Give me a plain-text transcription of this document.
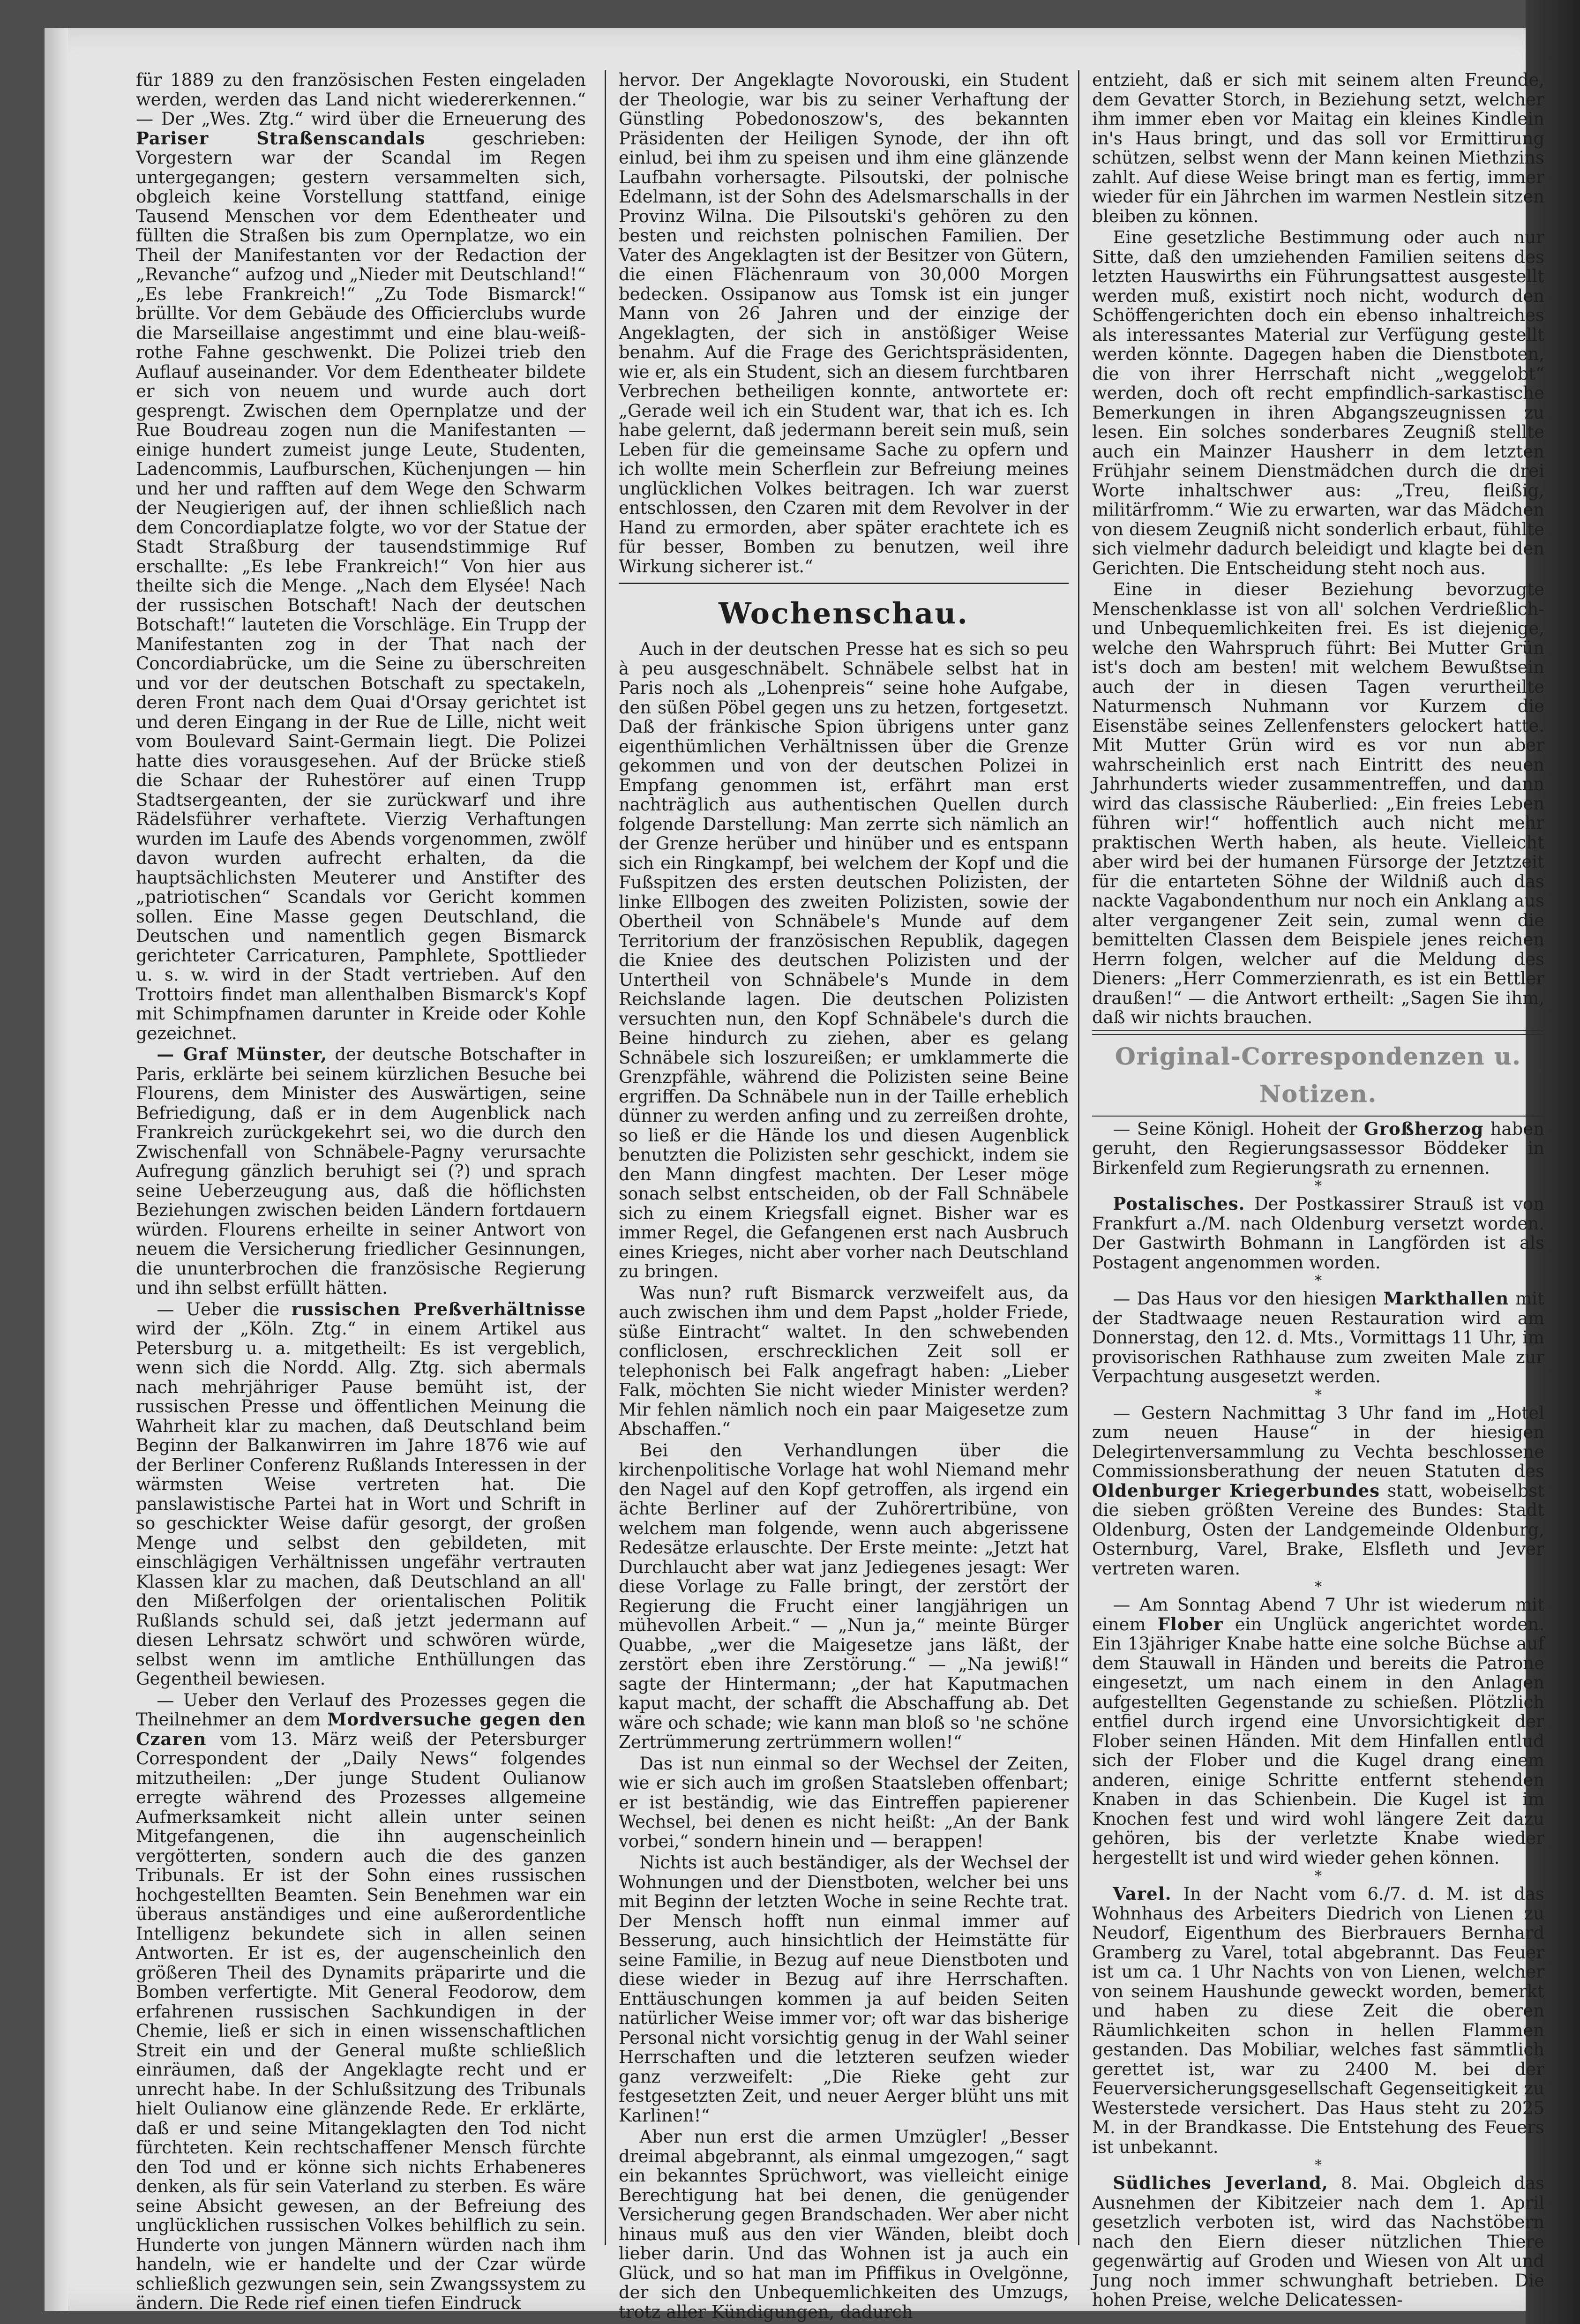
für 1889 zu den französischen Festen eingeladen werden, werden das Land nicht wiedererkennen.“ — Der „Wes. Ztg.“ wird über die Erneuerung des Pariser Straßenscandals	geschrieben: Vorgestern war der Scandal im Regen untergegangen; gestern versammelten sich, obgleich keine Vorstellung stattfand, einige Tausend Menschen vor dem Edentheater und füllten die Straßen bis zum Opernplatze, wo ein Theil der Manifestanten vor der Redaction der „Revanche“ aufzog und „Nieder mit Deutschland!“ „Es lebe Frankreich!“ „Zu Tode Bismarck!“ brüllte. Vor dem Gebäude des Officierclubs wurde die Marseillaise angestimmt und eine blau-weiß-rothe Fahne geschwenkt. Die Polizei trieb den Auflauf auseinander. Vor dem Edentheater bildete er sich von neuem und wurde auch dort gesprengt. Zwischen dem Opernplatze und der Rue Boudreau zogen nun die Manifestanten — einige hundert zumeist junge Leute, Studenten, Ladencommis, Laufburschen, Küchenjungen — hin und her und rafften auf dem Wege den Schwarm der Neugierigen auf, der ihnen schließlich nach dem Concordiaplatze folgte, wo vor der Statue der Stadt Straßburg der tausendstimmige Ruf erschallte: „Es lebe Frankreich!“ Von hier aus theilte sich die Menge. „Nach dem Elysée! Nach der russischen Botschaft! Nach der deutschen Botschaft!“ lauteten die Vorschläge. Ein Trupp der Manifestanten zog in der That nach der Concordiabrücke, um die Seine zu überschreiten und vor der deutschen Botschaft zu spectakeln, deren Front nach dem Quai d'Orsay gerichtet ist und deren Eingang in der Rue de Lille, nicht weit vom Boulevard Saint-Germain liegt. Die Polizei hatte dies vorausgesehen. Auf der Brücke stieß die Schaar der Ruhestörer auf einen Trupp Stadtsergeanten, der sie zurückwarf und ihre Rädelsführer verhaftete. Vierzig Verhaftungen wurden im Laufe des Abends vorgenommen, zwölf davon wurden aufrecht erhalten, da die hauptsächlichsten Meuterer und Anstifter des „patriotischen“ Scandals vor Gericht kommen sollen. Eine Masse gegen Deutschland, die Deutschen und namentlich gegen Bismarck gerichteter Carricaturen, Pamphlete, Spottlieder u. s. w. wird in der Stadt vertrieben. Auf den Trottoirs findet man allenthalben Bismarck's Kopf mit Schimpfnamen darunter in Kreide oder Kohle gezeichnet.

— Graf Münster, der deutsche Botschafter in Paris, erklärte bei seinem kürzlichen Besuche bei Flourens, dem Minister des Auswärtigen, seine Befriedigung, daß er in dem Augenblick nach Frankreich zurückgekehrt sei, wo die durch den Zwischenfall von Schnäbele-Pagny verursachte Aufregung gänzlich beruhigt sei (?) und sprach seine Ueberzeugung aus, daß die höflichsten Beziehungen zwischen beiden Ländern fortdauern würden. Flourens erheilte in seiner Antwort von neuem die Versicherung friedlicher Gesinnungen, die ununterbrochen die französische Regierung und ihn selbst erfüllt hätten.

— Ueber die russischen Preßverhältnisse wird der „Köln. Ztg.“ in einem Artikel aus Petersburg u. a. mitgetheilt: Es ist vergeblich, wenn sich die Nordd. Allg. Ztg. sich abermals nach mehrjähriger Pause bemüht ist, der russischen Presse und öffentlichen Meinung die Wahrheit klar zu machen, daß Deutschland beim Beginn der Balkanwirren im Jahre 1876 wie auf der Berliner Conferenz Rußlands Interessen in der wärmsten Weise vertreten hat. Die panslawistische Partei hat in Wort und Schrift in so geschickter Weise dafür gesorgt, der großen Menge und selbst den gebildeten, mit einschlägigen Verhältnissen ungefähr vertrauten Klassen klar zu machen, daß Deutschland an all' den Mißerfolgen der orientalischen Politik Rußlands schuld sei, daß jetzt jedermann auf diesen Lehrsatz schwört und schwören würde, selbst wenn im amtliche Enthüllungen das Gegentheil bewiesen.

— Ueber den Verlauf des Prozesses gegen die Theilnehmer an dem Mordversuche gegen den Czaren vom 13. März weiß der Petersburger Correspondent der „Daily News“ folgendes mitzutheilen: „Der junge Student Oulianow erregte während des Prozesses allgemeine Aufmerksamkeit nicht allein unter seinen Mitgefangenen, die ihn augenscheinlich vergötterten, sondern auch die des ganzen Tribunals. Er ist der Sohn eines russischen hochgestellten Beamten. Sein Benehmen war ein überaus anständiges und eine außerordentliche Intelligenz bekundete sich in allen seinen Antworten. Er ist es, der augenscheinlich den größeren Theil des Dynamits präparirte und die Bomben verfertigte. Mit General Feodorow, dem erfahrenen russischen Sachkundigen in der Chemie, ließ er sich in einen wissenschaftlichen Streit ein und der General mußte schließlich einräumen, daß der Angeklagte recht und er unrecht habe. In der Schlußsitzung des Tribunals hielt Oulianow eine glänzende Rede. Er erklärte, daß er und seine Mitangeklagten den Tod nicht fürchteten. Kein rechtschaffener Mensch fürchte den Tod und er könne sich nichts Erhabeneres denken, als für sein Vaterland zu sterben. Es wäre seine Absicht gewesen, an der Befreiung des unglücklichen russischen Volkes behilflich zu sein. Hunderte von jungen Männern würden nach ihm handeln, wie er handelte und der Czar würde schließlich gezwungen sein, sein Zwangssystem zu ändern. Die Rede rief einen tiefen Eindruck

hervor. Der Angeklagte Novorouski, ein Student der Theologie, war bis zu seiner Verhaftung der Günstling Pobedonoszow's, des bekannten Präsidenten der Heiligen Synode, der ihn oft einlud, bei ihm zu speisen und ihm eine glänzende Laufbahn vorhersagte. Pilsoutski, der polnische Edelmann, ist der Sohn des Adelsmarschalls in der Provinz Wilna. Die Pilsoutski's gehören zu den besten und reichsten polnischen Familien. Der Vater des Angeklagten ist der Besitzer von Gütern, die einen Flächenraum von 30,000 Morgen bedecken. Ossipanow aus Tomsk ist ein junger Mann von 26 Jahren und der einzige der Angeklagten, der sich in anstößiger Weise benahm. Auf die Frage des Gerichtspräsidenten, wie er, als ein Student, sich an diesem furchtbaren Verbrechen betheiligen konnte, antwortete er: „Gerade weil ich ein Student war, that ich es. Ich habe gelernt, daß jedermann bereit sein muß, sein Leben für die gemeinsame Sache zu opfern und ich wollte mein Scherflein zur Befreiung meines unglücklichen Volkes beitragen. Ich war zuerst entschlossen, den Czaren mit dem Revolver in der Hand zu ermorden, aber später erachtete ich es für besser, Bomben zu benutzen, weil ihre Wirkung sicherer ist.“

Wochenschau.

Auch in der deutschen Presse hat es sich so peu à peu ausgeschnäbelt. Schnäbele selbst hat in Paris noch als „Lohenpreis“ seine hohe Aufgabe, den süßen Pöbel gegen uns zu hetzen, fortgesetzt. Daß der fränkische Spion übrigens unter ganz eigenthümlichen Verhältnissen über die Grenze gekommen und von der deutschen Polizei in Empfang genommen ist, erfährt man erst nachträglich aus authentischen Quellen durch folgende Darstellung: Man zerrte sich nämlich an der Grenze herüber und hinüber und es entspann sich ein Ringkampf, bei welchem der Kopf und die Fußspitzen des ersten deutschen Polizisten, der linke Ellbogen des zweiten Polizisten, sowie der Obertheil von Schnäbele's Munde auf dem Territorium der französischen Republik, dagegen die Kniee des deutschen Polizisten und der Untertheil von Schnäbele's Munde in dem Reichslande lagen. Die deutschen Polizisten versuchten nun, den Kopf Schnäbele's durch die Beine hindurch zu ziehen, aber es gelang Schnäbele sich loszureißen; er umklammerte die Grenzpfähle, während die Polizisten seine Beine ergriffen. Da Schnäbele nun in der Taille erheblich dünner zu werden anfing und zu zerreißen drohte, so ließ er die Hände los und diesen Augenblick benutzten die Polizisten sehr geschickt, indem sie den Mann dingfest machten. Der Leser möge sonach selbst entscheiden, ob der Fall Schnäbele sich zu einem Kriegsfall eignet. Bisher war es immer Regel, die Gefangenen erst nach Ausbruch eines Krieges, nicht aber vorher nach Deutschland zu bringen.

Was nun? ruft Bismarck verzweifelt aus, da auch zwischen ihm und dem Papst „holder Friede, süße Eintracht“ waltet. In den schwebenden confliclosen, erschrecklichen Zeit soll er telephonisch bei Falk angefragt haben: „Lieber Falk, möchten Sie nicht wieder Minister werden? Mir fehlen nämlich noch ein paar Maigesetze zum Abschaffen.“

Bei den Verhandlungen über die kirchenpolitische Vorlage hat wohl Niemand mehr den Nagel auf den Kopf getroffen, als irgend ein ächte Berliner auf der Zuhörertribüne, von welchem man folgende, wenn auch abgerissene Redesätze erlauschte. Der Erste meinte: „Jetzt hat Durchlaucht aber wat janz Jediegenes jesagt: Wer diese Vorlage zu Falle bringt, der zerstört der Regierung die Frucht einer langjährigen un mühevollen Arbeit.“ — „Nun ja,“ meinte Bürger Quabbe, „wer die Maigesetze jans läßt, der zerstört eben ihre Zerstörung.“ — „Na jewiß!“ sagte der Hintermann; „der hat Kaputmachen kaput macht, der schafft die Abschaffung ab. Det wäre och schade; wie kann man bloß so 'ne schöne Zertrümmerung zertrümmern wollen!“

Das ist nun einmal so der Wechsel der Zeiten, wie er sich auch im großen Staatsleben offenbart; er ist beständig, wie das Eintreffen papierener Wechsel, bei denen es nicht heißt: „An der Bank vorbei,“ sondern hinein und — berappen!

Nichts ist auch beständiger, als der Wechsel der Wohnungen und der Dienstboten, welcher bei uns mit Beginn der letzten Woche in seine Rechte trat. Der Mensch hofft nun einmal immer auf Besserung, auch hinsichtlich der Heimstätte für seine Familie, in Bezug auf neue Dienstboten und diese wieder in Bezug auf ihre Herrschaften. Enttäuschungen kommen ja auf beiden Seiten natürlicher Weise immer vor; oft war das bisherige Personal nicht vorsichtig genug in der Wahl seiner Herrschaften und die letzteren seufzen wieder ganz verzweifelt: „Die Rieke geht zur festgesetzten Zeit, und neuer Aerger blüht uns mit Karlinen!“

Aber nun erst die armen Umzügler! „Besser dreimal abgebrannt, als einmal umgezogen,“ sagt ein bekanntes Sprüchwort, was vielleicht einige Berechtigung hat bei denen, die genügender Versicherung gegen Brandschaden. Wer aber nicht hinaus muß aus den vier Wänden, bleibt doch lieber darin. Und das Wohnen ist ja auch ein Glück, und so hat man im Pfiffikus in Ovelgönne, der sich den Unbequemlichkeiten des Umzugs, trotz aller Kündigungen, dadurch

entzieht, daß er sich mit seinem alten Freunde, dem Gevatter Storch, in Beziehung setzt, welcher ihm immer eben vor Maitag ein kleines Kindlein in's Haus bringt, und das soll vor Ermittirung schützen, selbst wenn der Mann keinen Miethzins zahlt. Auf diese Weise bringt man es fertig, immer wieder für ein Jährchen im warmen Nestlein sitzen bleiben zu können.

Eine gesetzliche Bestimmung oder auch nur Sitte, daß den umziehenden Familien seitens des letzten Hauswirths ein Führungsattest ausgestellt werden muß, existirt noch nicht, wodurch den Schöffengerichten doch ein ebenso inhaltreiches als interessantes Material zur Verfügung gestellt werden könnte. Dagegen haben die Dienstboten, die von ihrer Herrschaft nicht „weggelobt“ werden, doch oft recht empfindlich-sarkastische Bemerkungen in ihren Abgangszeugnissen zu lesen. Ein solches sonderbares Zeugniß stellte auch ein Mainzer Hausherr in dem letzten Frühjahr seinem Dienstmädchen durch die drei Worte inhaltschwer aus: „Treu, fleißig, militärfromm.“ Wie zu erwarten, war das Mädchen von diesem Zeugniß nicht sonderlich erbaut, fühlte sich vielmehr dadurch beleidigt und klagte bei den Gerichten. Die Entscheidung steht noch aus.

Eine in dieser Beziehung bevorzugte Menschenklasse ist von all' solchen Verdrießlich- und Unbequemlichkeiten frei. Es ist diejenige, welche den Wahrspruch führt: Bei Mutter Grün ist's doch am besten! mit welchem Bewußtsein auch der in diesen Tagen verurtheilte Naturmensch Nuhmann vor Kurzem die Eisenstäbe seines Zellenfensters gelockert hatte. Mit Mutter Grün wird es vor nun aber wahrscheinlich erst nach Eintritt des neuen Jahrhunderts wieder zusammentreffen, und dann wird das classische Räuberlied: „Ein freies Leben führen wir!“ hoffentlich auch nicht mehr praktischen Werth haben, als heute. Vielleicht aber wird bei der humanen Fürsorge der Jetztzeit für die entarteten Söhne der Wildniß auch das nackte Vagabondenthum nur noch ein Anklang aus alter vergangener Zeit sein, zumal wenn die bemittelten Classen dem Beispiele jenes reichen Herrn folgen, welcher auf die Meldung des Dieners: „Herr Commerzienrath, es ist ein Bettler draußen!“ — die Antwort ertheilt: „Sagen Sie ihm, daß wir nichts brauchen.

Original-Correspondenzen u. Notizen.

— Seine Königl. Hoheit der Großherzog haben geruht, den Regierungsassessor Böddeker in Birkenfeld zum Regierungsrath zu ernennen.

*

Postalisches. Der Postkassirer Strauß ist von Frankfurt a./M. nach Oldenburg versetzt worden. Der Gastwirth Bohmann in Langförden ist als Postagent angenommen worden.

*

— Das Haus vor den hiesigen Markthallen mit der Stadtwaage neuen Restauration wird am Donnerstag, den 12. d. Mts., Vormittags 11 Uhr, im provisorischen Rathhause zum zweiten Male zur Verpachtung ausgesetzt werden.

*

— Gestern Nachmittag 3 Uhr fand im „Hotel zum neuen Hause“ in der hiesigen Delegirtenversammlung zu Vechta beschlossene Commissionsberathung der neuen Statuten des Oldenburger Kriegerbundes statt, wobeiselbst die sieben größten Vereine des Bundes: Stadt Oldenburg, Osten der Landgemeinde Oldenburg, Osternburg, Varel, Brake, Elsfleth und Jever vertreten waren.

*

— Am Sonntag Abend 7 Uhr ist wiederum mit einem Flober ein Unglück angerichtet worden. Ein 13jähriger Knabe hatte eine solche Büchse auf dem Stauwall in Händen und bereits die Patrone eingesetzt, um nach einem in den Anlagen aufgestellten Gegenstande zu schießen. Plötzlich entfiel durch irgend eine Unvorsichtigkeit der Flober seinen Händen. Mit dem Hinfallen entlud sich der Flober und die Kugel drang einem anderen, einige Schritte entfernt stehenden Knaben in das Schienbein. Die Kugel ist im Knochen fest und wird wohl längere Zeit dazu gehören, bis der verletzte Knabe wieder hergestellt ist und wird wieder gehen können.

*

Varel. In der Nacht vom 6./7. d. M. ist das Wohnhaus des Arbeiters Diedrich von Lienen zu Neudorf, Eigenthum des Bierbrauers Bernhard Gramberg zu Varel, total abgebrannt. Das Feuer ist um ca. 1 Uhr Nachts von von Lienen, welcher von seinem Haushunde geweckt worden, bemerkt und haben zu diese Zeit die oberen Räumlichkeiten schon in hellen Flammen gestanden. Das Mobiliar, welches fast sämmtlich gerettet ist, war zu 2400 M. bei der Feuerversicherungsgesellschaft Gegenseitigkeit zu Westerstede versichert. Das Haus steht zu 2025 M. in der Brandkasse. Die Entstehung des Feuers ist unbekannt.

*

Südliches Jeverland, 8. Mai. Obgleich das Ausnehmen der Kibitzeier nach dem 1. April gesetzlich verboten ist, wird das Nachstöbern nach den Eiern dieser nützlichen Thiere gegenwärtig auf Groden und Wiesen von Alt und Jung noch immer schwunghaft betrieben. Die hohen Preise, welche Delicatessen-
